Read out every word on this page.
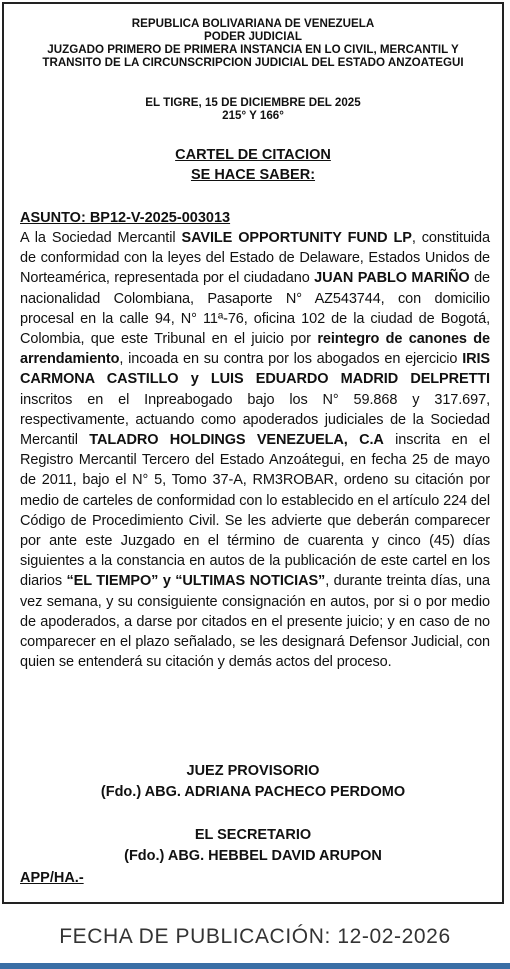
REPUBLICA BOLIVARIANA DE VENEZUELA
PODER JUDICIAL
JUZGADO PRIMERO DE PRIMERA INSTANCIA EN LO CIVIL, MERCANTIL Y
TRANSITO DE LA CIRCUNSCRIPCION JUDICIAL DEL ESTADO ANZOATEGUI
EL TIGRE, 15 DE DICIEMBRE DEL 2025
215° Y 166°
CARTEL DE CITACION
SE HACE SABER:
ASUNTO: BP12-V-2025-003013
A la Sociedad Mercantil SAVILE OPPORTUNITY FUND LP, constituida de conformidad con la leyes del Estado de Delaware, Estados Unidos de Norteamérica, representada por el ciudadano JUAN PABLO MARIÑO de nacionalidad Colombiana, Pasaporte N° AZ543744, con domicilio procesal en la calle 94, N° 11ª-76, oficina 102 de la ciudad de Bogotá, Colombia, que este Tribunal en el juicio por reintegro de canones de arrendamiento, incoada en su contra por los abogados en ejercicio IRIS CARMONA CASTILLO y LUIS EDUARDO MADRID DELPRETTI inscritos en el Inpreabogado bajo los N° 59.868 y 317.697, respectivamente, actuando como apoderados judiciales de la Sociedad Mercantil TALADRO HOLDINGS VENEZUELA, C.A inscrita en el Registro Mercantil Tercero del Estado Anzoátegui, en fecha 25 de mayo de 2011, bajo el N° 5, Tomo 37-A, RM3ROBAR, ordeno su citación por medio de carteles de conformidad con lo establecido en el artículo 224 del Código de Procedimiento Civil. Se les advierte que deberán comparecer por ante este Juzgado en el término de cuarenta y cinco (45) días siguientes a la constancia en autos de la publicación de este cartel en los diarios “EL TIEMPO” y “ULTIMAS NOTICIAS”, durante treinta días, una vez semana, y su consiguiente consignación en autos, por si o por medio de apoderados, a darse por citados en el presente juicio; y en caso de no comparecer en el plazo señalado, se les designará Defensor Judicial, con quien se entenderá su citación y demás actos del proceso.
JUEZ PROVISORIO
(Fdo.) ABG. ADRIANA PACHECO PERDOMO
EL SECRETARIO
(Fdo.) ABG. HEBBEL DAVID ARUPON
APP/HA.-
FECHA DE PUBLICACIÓN: 12-02-2026
